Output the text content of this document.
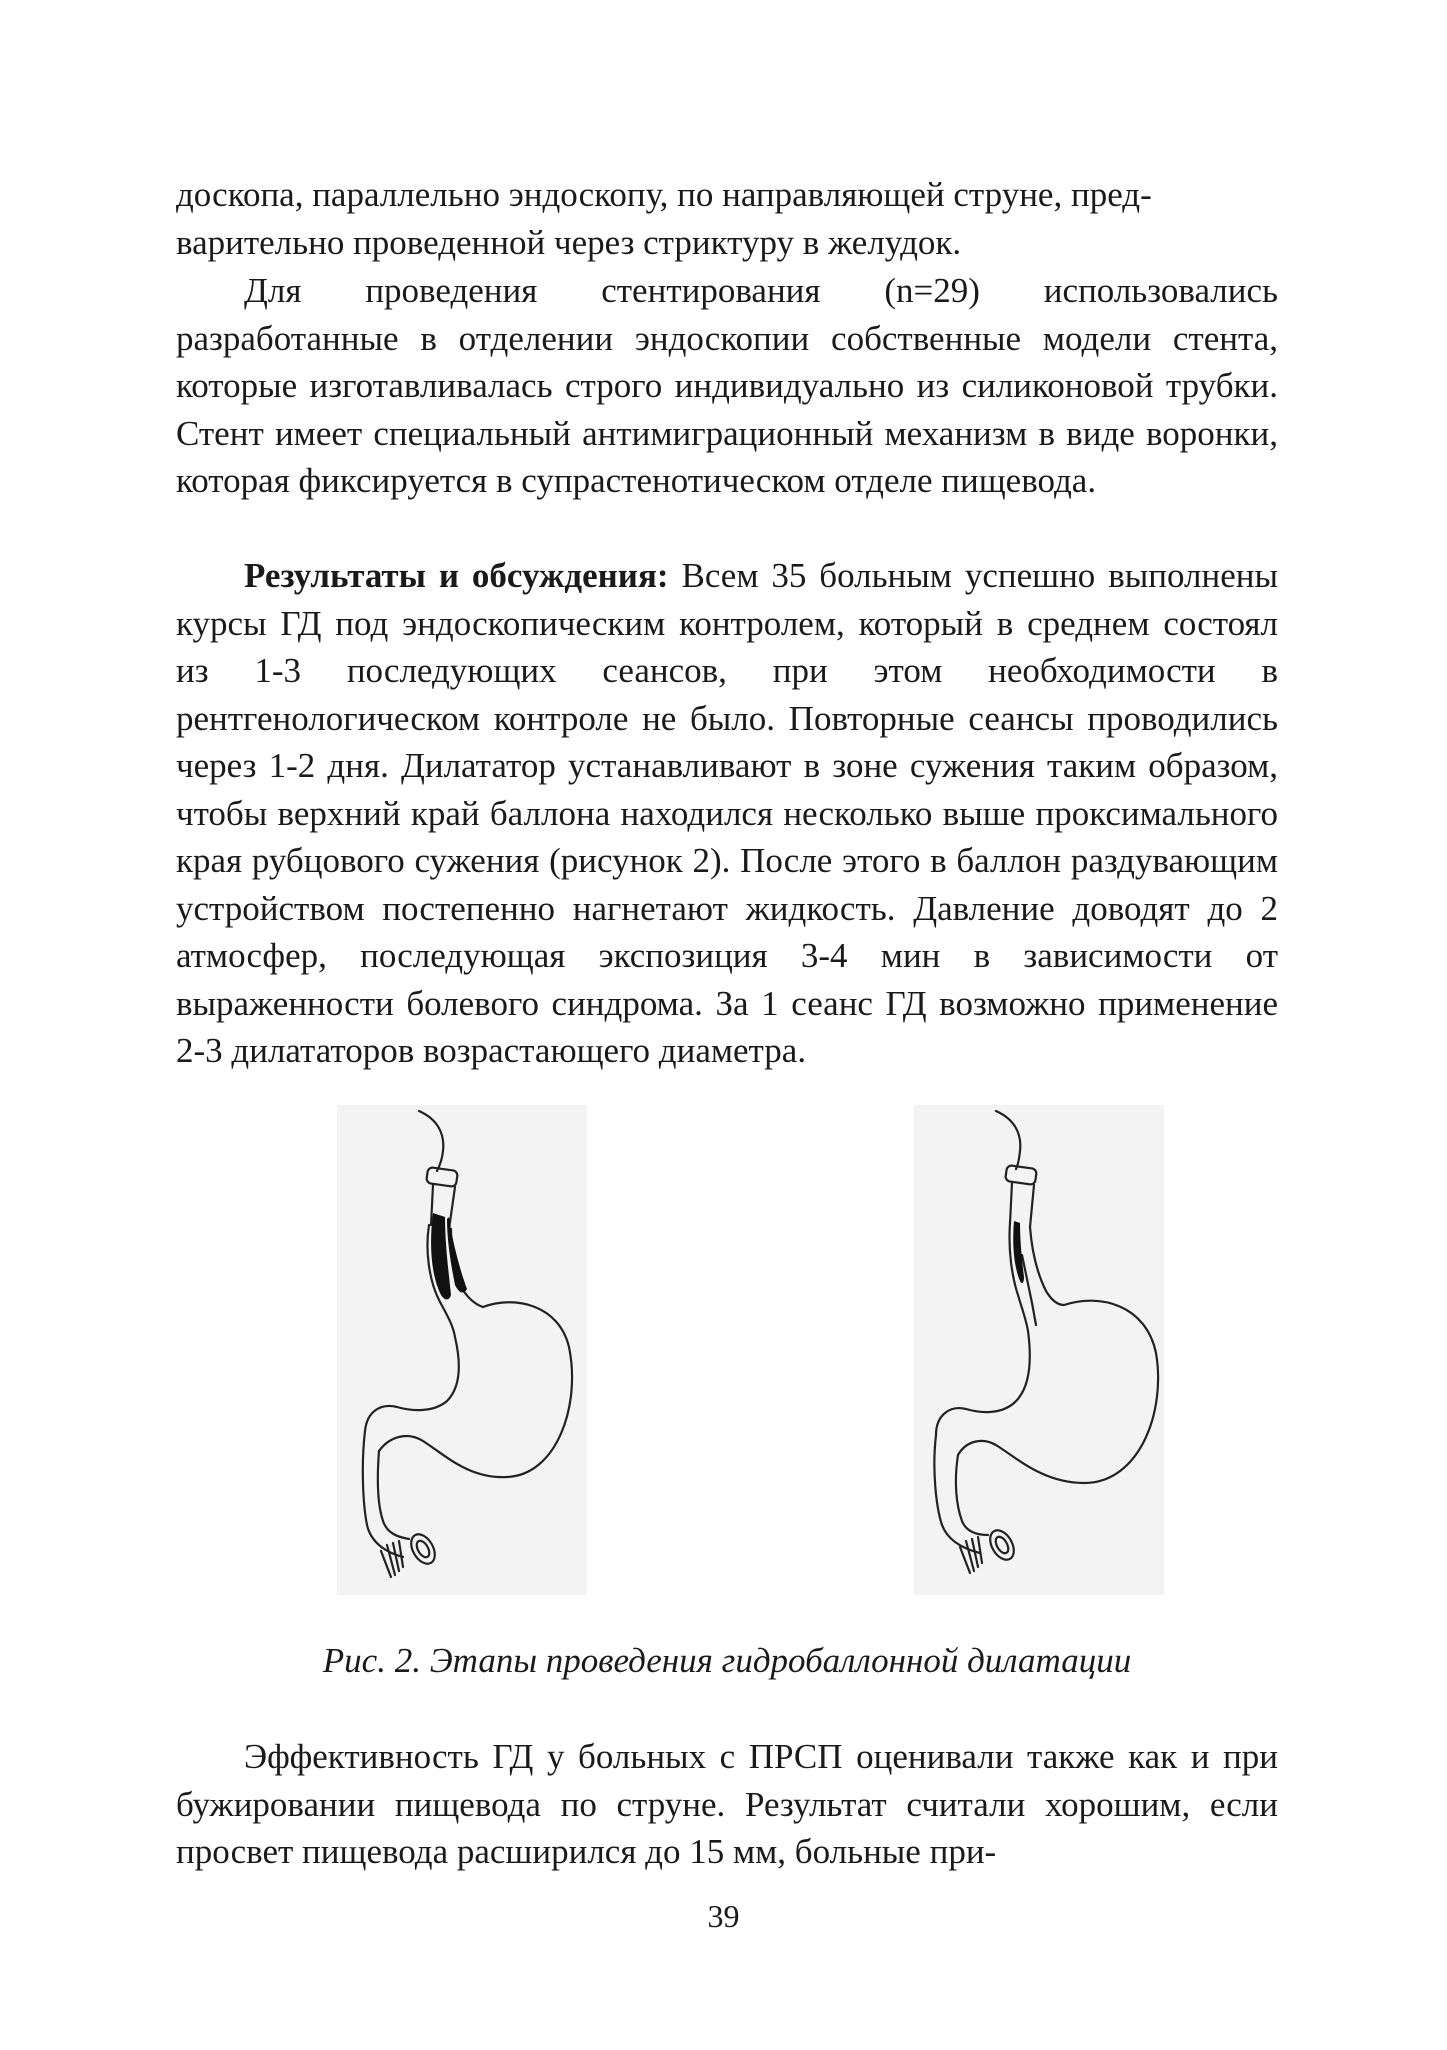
доскопа, параллельно эндоскопу, по направляющей струне, пред-

варительно проведенной через стриктуру в желудок.

Для проведения стентирования (n=29) использовались разработанные в отделении эндоскопии собственные модели стента, которые изготавливалась строго индивидуально из силиконовой трубки. Стент имеет специальный антимиграционный механизм в виде воронки, которая фиксируется в супрастенотическом отделе пищевода.

Результаты и обсуждения: Всем 35 больным успешно выполнены курсы ГД под эндоскопическим контролем, который в среднем состоял из 1-3 последующих сеансов, при этом необходимости в рентгенологическом контроле не было. Повторные сеансы проводились через 1-2 дня. Дилататор устанавливают в зоне сужения таким образом, чтобы верхний край баллона находился несколько выше проксимального края рубцового сужения (рисунок 2). После этого в баллон раздувающим устройством постепенно нагнетают жидкость. Давление доводят до 2 атмосфер, последующая экспозиция 3-4 мин в зависимости от выраженности болевого синдрома. За 1 сеанс ГД возможно применение 2-3 дилататоров возрастающего диаметра.

Рис. 2. Этапы проведения гидробаллонной дилатации

Эффективность ГД у больных с ПРСП оценивали также как и при бужировании пищевода по струне. Результат считали хорошим, если просвет пищевода расширился до 15 мм, больные при-

39
